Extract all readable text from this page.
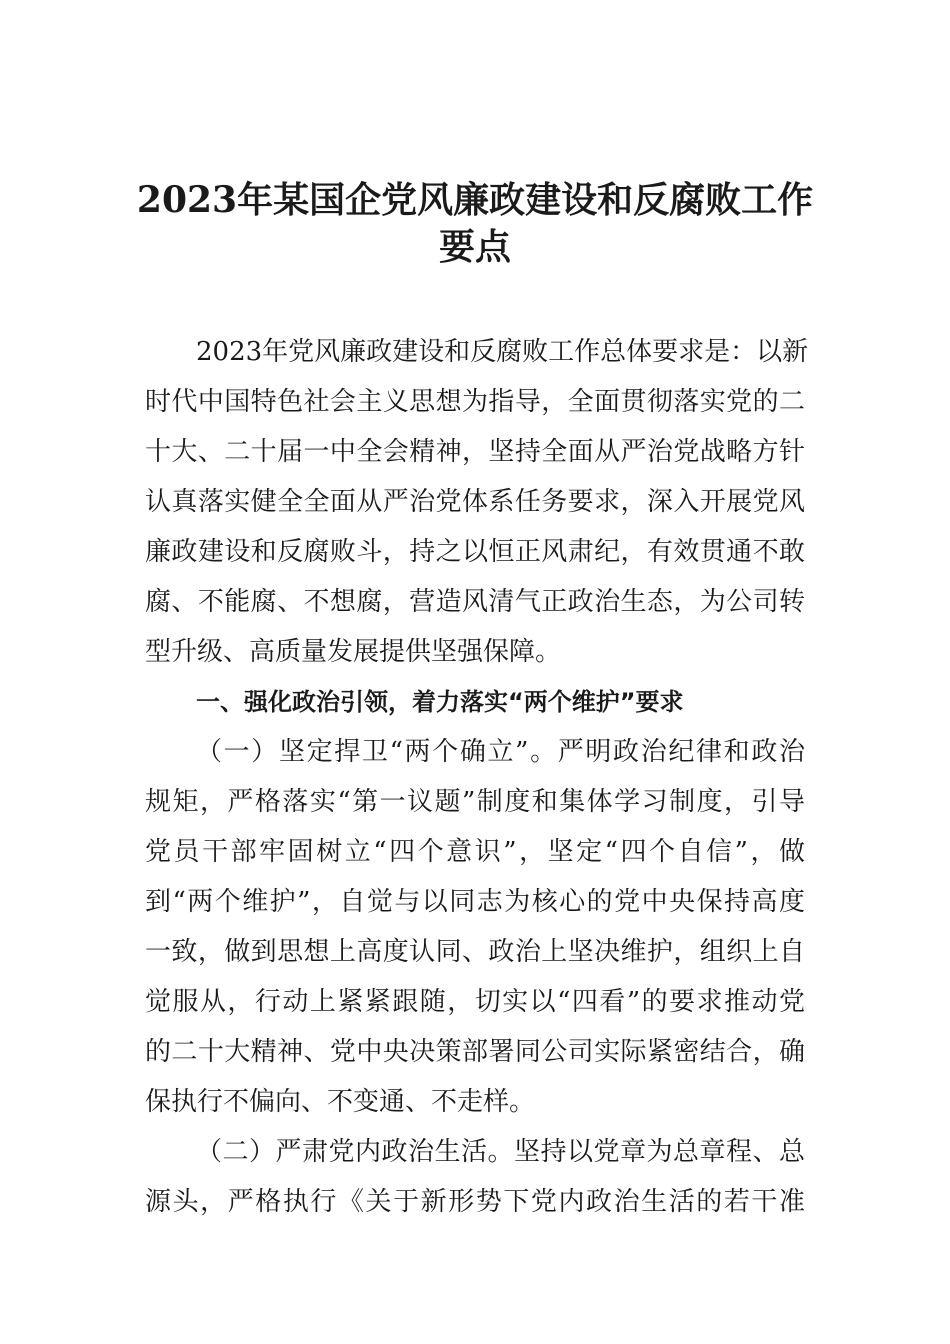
2023年某国企党风廉政建设和反腐败工作
要点
2023年党风廉政建设和反腐败工作总体要求是：以新
时代中国特色社会主义思想为指导，全面贯彻落实党的二
十大、二十届一中全会精神，坚持全面从严治党战略方针
认真落实健全全面从严治党体系任务要求，深入开展党风
廉政建设和反腐败斗，持之以恒正风肃纪，有效贯通不敢
腐、不能腐、不想腐，营造风清气正政治生态，为公司转
型升级、高质量发展提供坚强保障。
一、强化政治引领，着力落实“两个维护”要求
（一）坚定捍卫“两个确立”。严明政治纪律和政治
规矩，严格落实“第一议题”制度和集体学习制度，引导
党员干部牢固树立“四个意识”，坚定“四个自信”，做
到“两个维护”，自觉与以同志为核心的党中央保持高度
一致，做到思想上高度认同、政治上坚决维护，组织上自
觉服从，行动上紧紧跟随，切实以“四看”的要求推动党
的二十大精神、党中央决策部署同公司实际紧密结合，确
保执行不偏向、不变通、不走样。
（二）严肃党内政治生活。坚持以党章为总章程、总
源头，严格执行《关于新形势下党内政治生活的若干准
